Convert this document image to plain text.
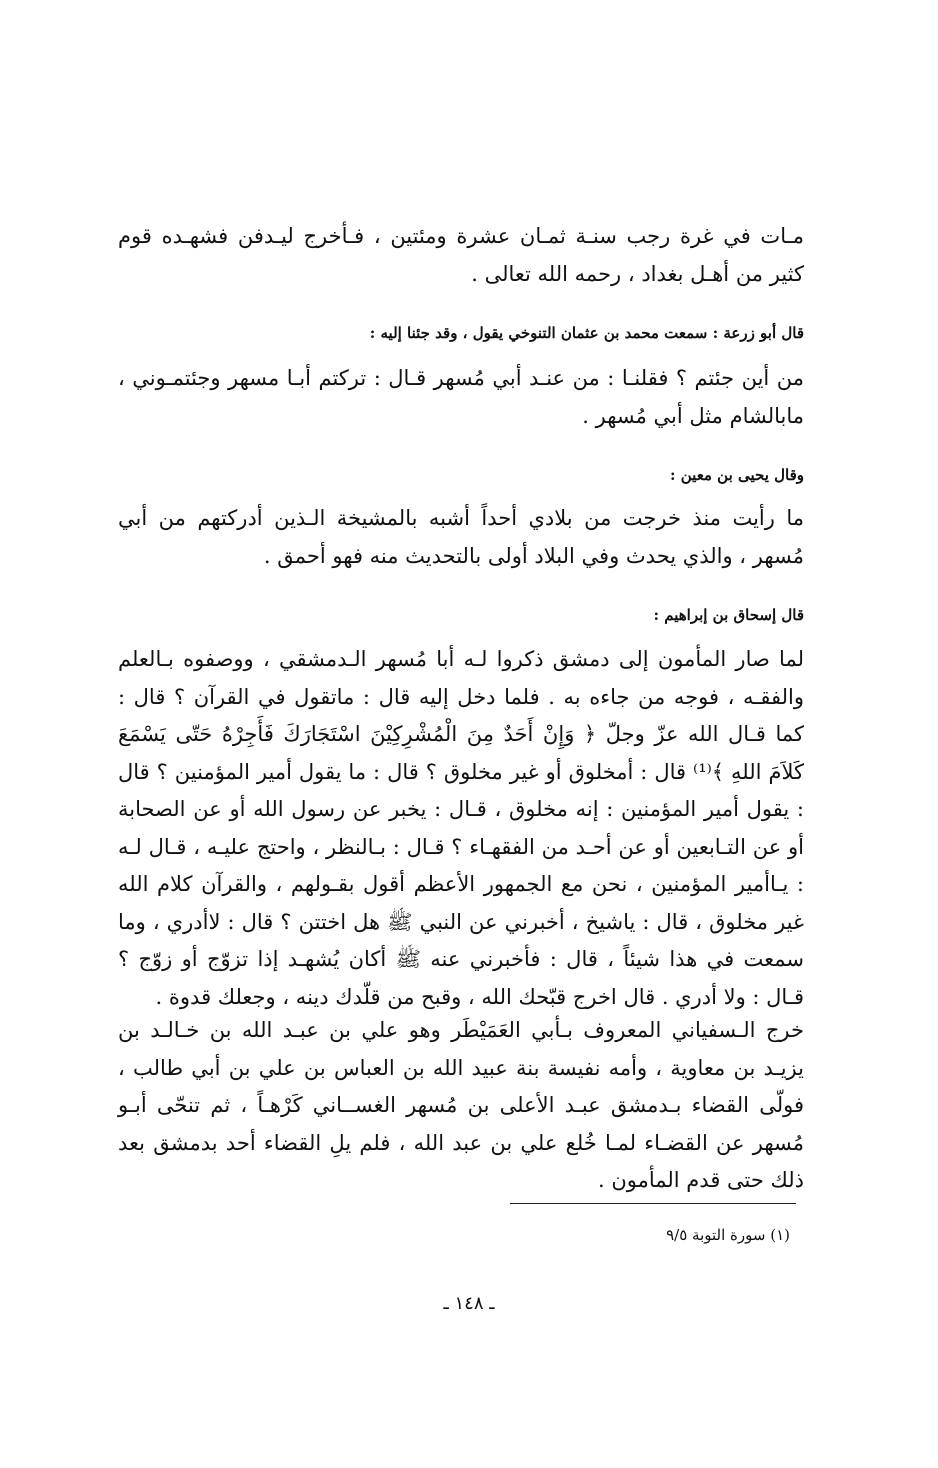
مـات في غرة رجب سنـة ثمـان عشرة ومئتين ، فـأخرج ليـدفن فشهـده قوم كثير من أهـل بغداد ، رحمه الله تعالى .

قال أبو زرعة : سمعت محمد بن عثمان التنوخي يقول ، وقد جئنا إليه :

من أين جئتم ؟ فقلنـا : من عنـد أبي مُسهر قـال : تركتم أبـا مسهر وجئتمـوني ، مابالشام مثل أبي مُسهر .

وقال يحيى بن معين :

ما رأيت منذ خرجت من بلادي أحداً أشبه بالمشيخة الـذين أدركتهم من أبي مُسهر ، والذي يحدث وفي البلاد أولى بالتحديث منه فهو أحمق .

قال إسحاق بن إبراهيم :

لما صار المأمون إلى دمشق ذكروا لـه أبا مُسهر الـدمشقي ، ووصفوه بـالعلم والفقـه ، فوجه من جاءه به . فلما دخل إليه قال : ماتقول في القرآن ؟ قال : كما قـال الله عزّ وجلّ ﴿ وَإِنْ أَحَدٌ مِنَ الْمُشْرِكِيْنَ اسْتَجَارَكَ فَأَجِرْهُ حَتّى يَسْمَعَ كَلاَمَ اللهِ ﴾⁽¹⁾ قال : أمخلوق أو غير مخلوق ؟ قال : ما يقول أمير المؤمنين ؟ قال : يقول أمير المؤمنين : إنه مخلوق ، قـال : يخبر عن رسول الله أو عن الصحابة أو عن التـابعين أو عن أحـد من الفقهـاء ؟ قـال : بـالنظر ، واحتج عليـه ، قـال لـه : يـاأمير المؤمنين ، نحن مع الجمهور الأعظم أقول بقـولهم ، والقرآن كلام الله غير مخلوق ، قال : ياشيخ ، أخبرني عن النبي ﷺ هل اختتن ؟ قال : لاأدري ، وما سمعت في هذا شيئاً ، قال : فأخبرني عنه ﷺ أكان يُشهـد إذا تزوّج أو زوّج ؟ قـال : ولا أدري . قال اخرج قبّحك الله ، وقبح من قلّدك دينه ، وجعلك قدوة .

خرج الـسفياني المعروف بـأبي العَمَيْطَر وهو علي بن عبـد الله بن خـالـد بن يزيـد بن معاوية ، وأمه نفيسة بنة عبيد الله بن العباس بن علي بن أبي طالب ، فولّى القضاء بـدمشق عبـد الأعلى بن مُسهر الغســاني كَرْهـاً ، ثم تنحّى أبـو مُسهر عن القضـاء لمـا خُلع علي بن عبد الله ، فلم يلِ القضاء أحد بدمشق بعد ذلك حتى قدم المأمون .

(١) سورة التوبة ٩/٥
ـ ١٤٨ ـ
